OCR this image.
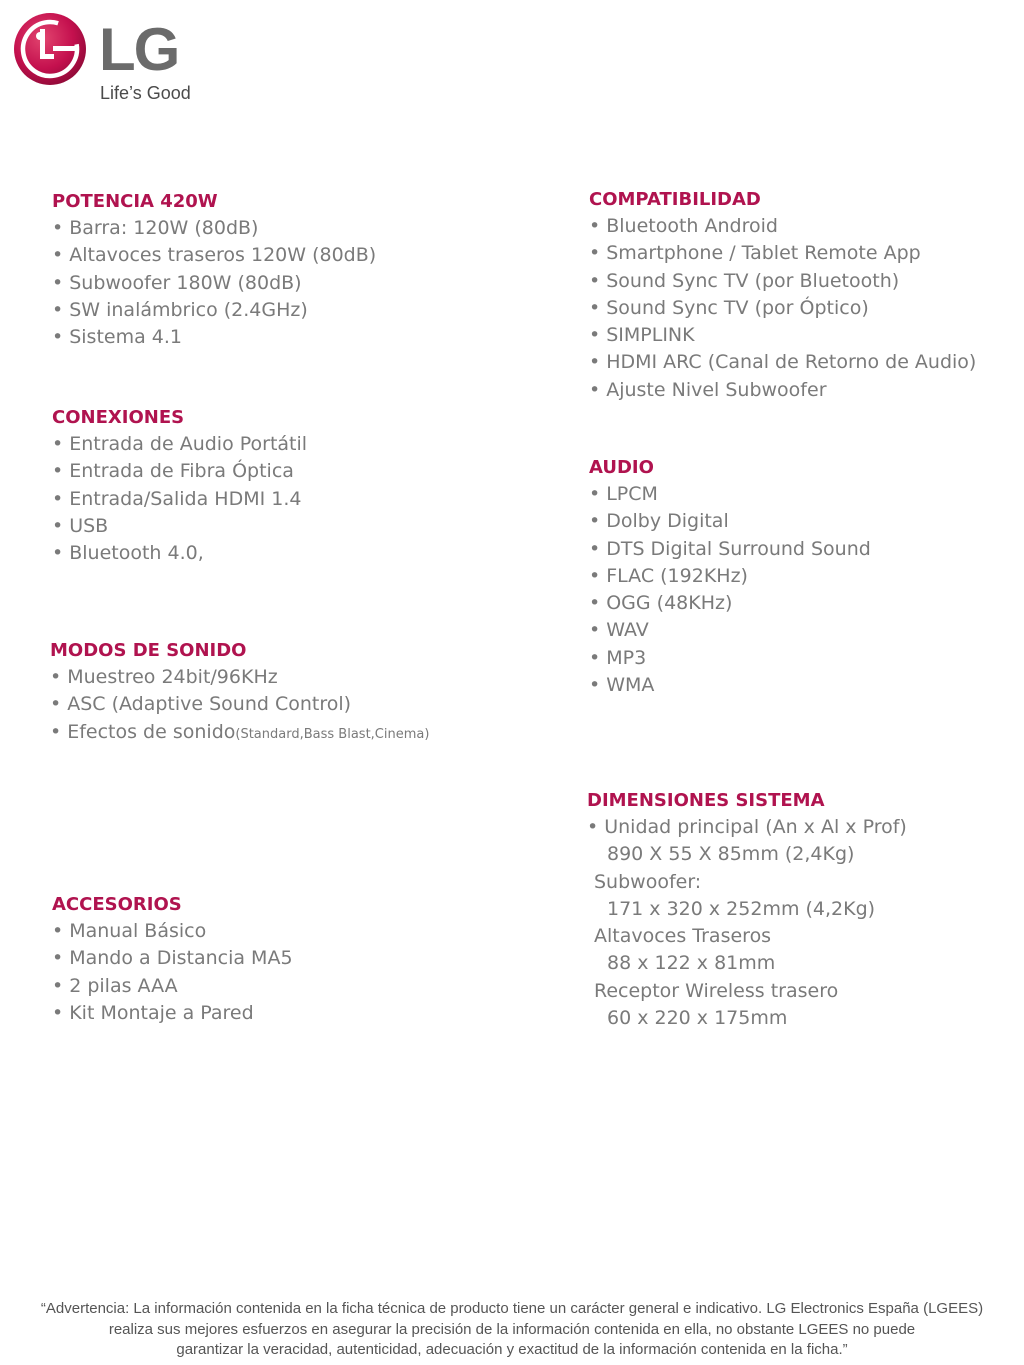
LG
Life’s Good
POTENCIA 420W
• Barra: 120W (80dB)
• Altavoces traseros 120W (80dB)
• Subwoofer 180W (80dB)
• SW inalámbrico (2.4GHz)
• Sistema 4.1
CONEXIONES
• Entrada de Audio Portátil
• Entrada de Fibra Óptica
• Entrada/Salida HDMI 1.4
• USB
• Bluetooth 4.0,
MODOS DE SONIDO
• Muestreo 24bit/96KHz
• ASC (Adaptive Sound Control)
• Efectos de sonido(Standard,Bass Blast,Cinema)
ACCESORIOS
• Manual Básico
• Mando a Distancia MA5
• 2 pilas AAA
• Kit Montaje a Pared
COMPATIBILIDAD
• Bluetooth Android
• Smartphone / Tablet Remote App
• Sound Sync TV (por Bluetooth)
• Sound Sync TV (por Óptico)
• SIMPLINK
• HDMI ARC (Canal de Retorno de Audio)
• Ajuste Nivel Subwoofer
AUDIO
• LPCM
• Dolby Digital
• DTS Digital Surround Sound
• FLAC (192KHz)
• OGG (48KHz)
• WAV
• MP3
• WMA
DIMENSIONES SISTEMA
• Unidad principal (An x Al x Prof)
890 X 55 X 85mm (2,4Kg)
Subwoofer:
171 x 320 x 252mm (4,2Kg)
Altavoces Traseros
88 x 122 x 81mm
Receptor Wireless trasero
60 x 220 x 175mm
“Advertencia: La información contenida en la ficha técnica de producto tiene un carácter general e indicativo. LG Electronics España (LGEES)
realiza sus mejores esfuerzos en asegurar la precisión de la información contenida en ella, no obstante LGEES no puede
garantizar la veracidad, autenticidad, adecuación y exactitud de la información contenida en la ficha.”
